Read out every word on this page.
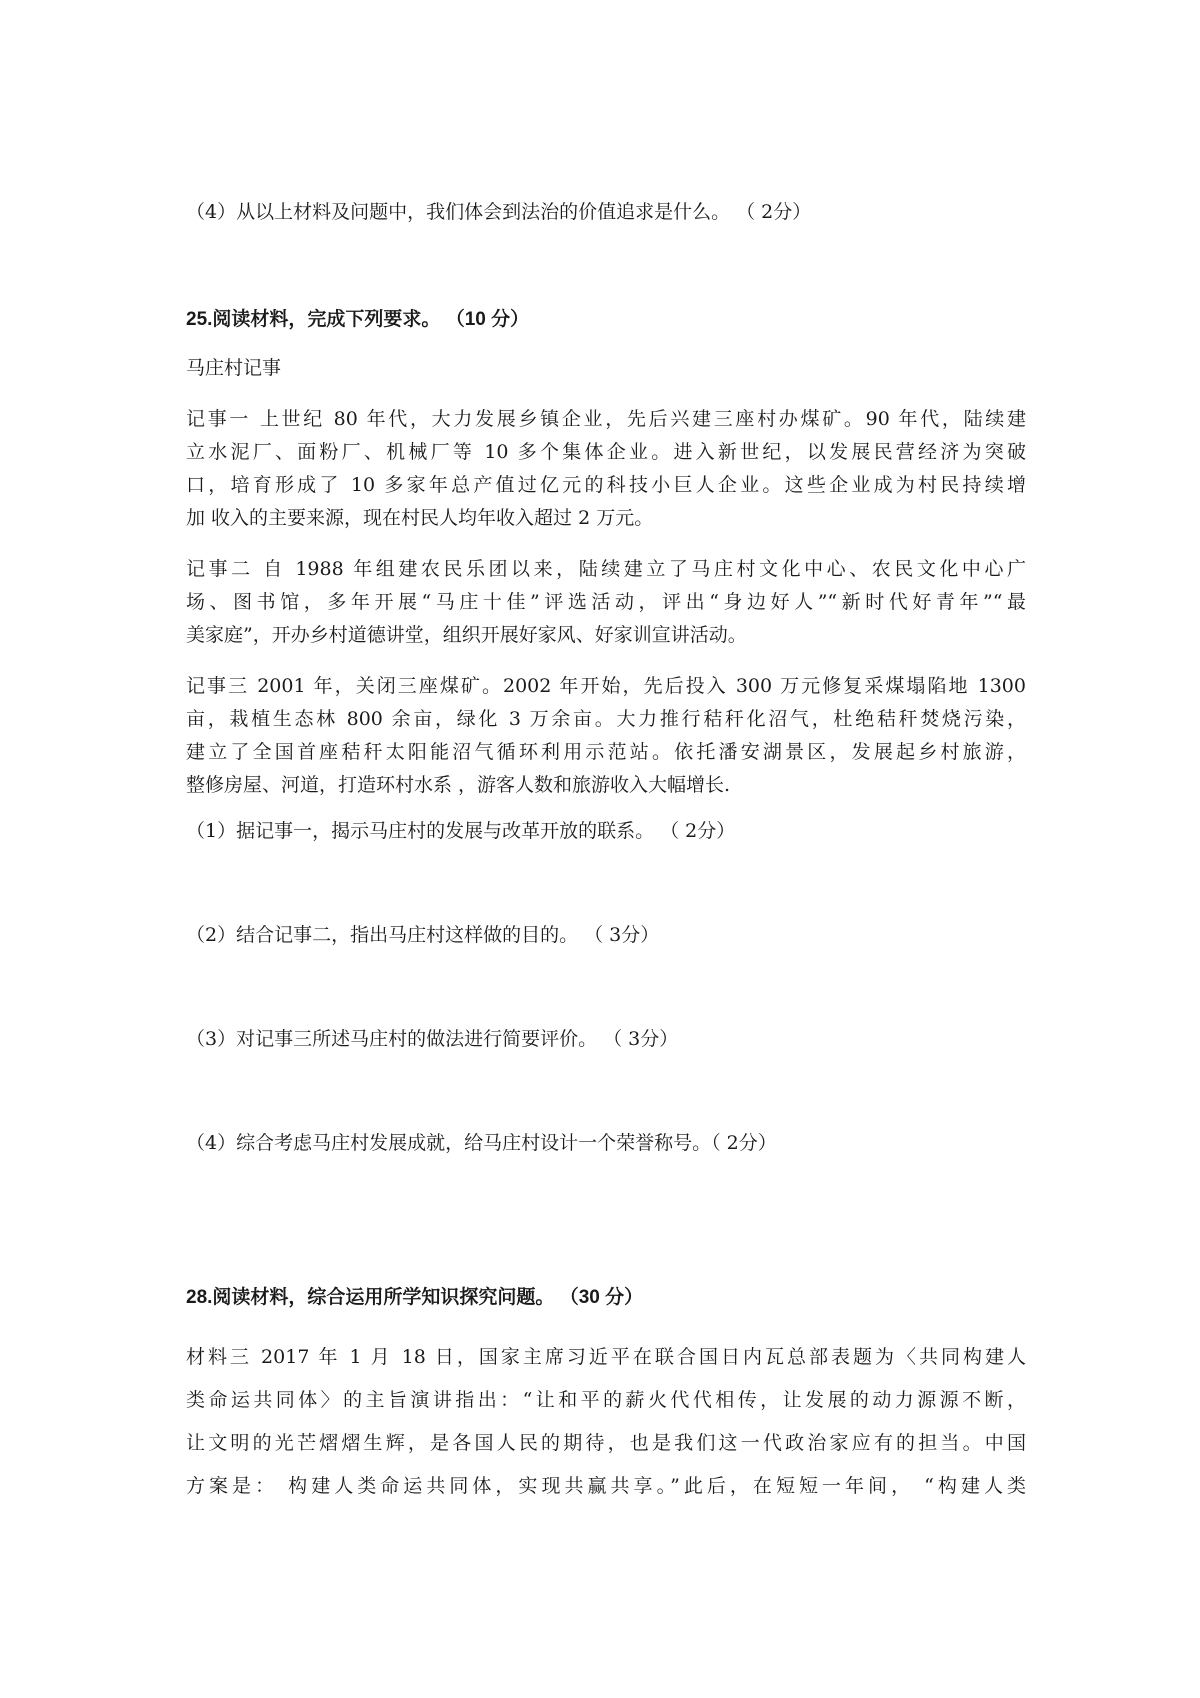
（4）从以上材料及问题中，我们体会到法治的价值追求是什么。 （ 2分）
25.阅读材料，完成下列要求。 （10 分）
马庄村记事
记事一 上世纪 80 年代，大力发展乡镇企业，先后兴建三座村办煤矿。90 年代，陆续建
立水泥厂、面粉厂、机械厂等 10 多个集体企业。进入新世纪，以发展民营经济为突破
口，培育形成了 10 多家年总产值过亿元的科技小巨人企业。这些企业成为村民持续增
加 收入的主要来源，现在村民人均年收入超过 2 万元。
记事二 自 1988 年组建农民乐团以来，陆续建立了马庄村文化中心、农民文化中心广
场、图书馆，多年开展“马庄十佳”评选活动，评出“身边好人”“新时代好青年”“最
美家庭”，开办乡村道德讲堂，组织开展好家风、好家训宣讲活动。
记事三 2001 年，关闭三座煤矿。2002 年开始，先后投入 300 万元修复采煤塌陷地 1300
亩，栽植生态林 800 余亩，绿化 3 万余亩。大力推行秸秆化沼气，杜绝秸秆焚烧污染，
建立了全国首座秸秆太阳能沼气循环利用示范站。依托潘安湖景区，发展起乡村旅游，
整修房屋、河道，打造环村水系 ，游客人数和旅游收入大幅增长.
（1）据记事一，揭示马庄村的发展与改革开放的联系。 （ 2分）
（2）结合记事二，指出马庄村这样做的目的。 （ 3分）
（3）对记事三所述马庄村的做法进行简要评价。 （ 3分）
（4）综合考虑马庄村发展成就，给马庄村设计一个荣誉称号。（ 2分）
28.阅读材料，综合运用所学知识探究问题。 （30 分）
材料三 2017 年 1 月 18 日，国家主席习近平在联合国日内瓦总部表题为〈共同构建人
类命运共同体〉的主旨演讲指出：“让和平的薪火代代相传，让发展的动力源源不断，
让文明的光芒熠熠生辉，是各国人民的期待，也是我们这一代政治家应有的担当。中国
方案是： 构建人类命运共同体，实现共赢共享。”此后，在短短一年间， “构建人类
